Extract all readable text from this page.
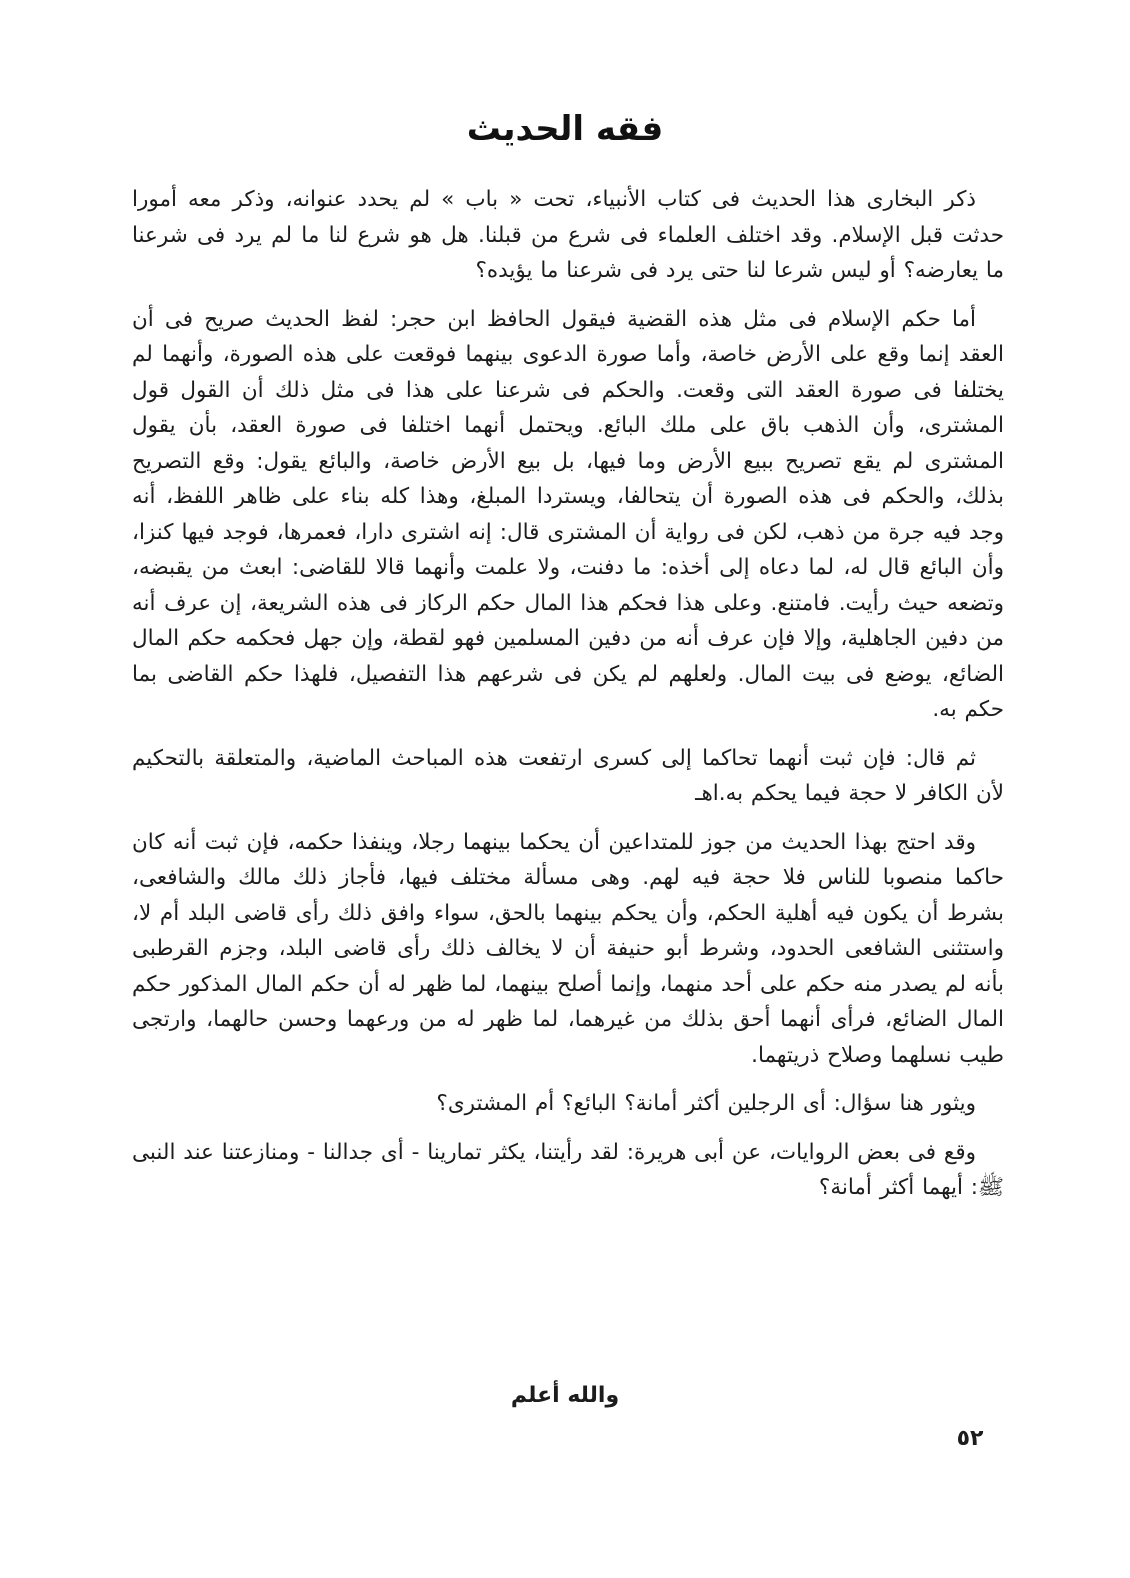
فقه الحديث

ذكر البخارى هذا الحديث فى كتاب الأنبياء، تحت « باب » لم يحدد عنوانه، وذكر معه أمورا حدثت قبل الإسلام. وقد اختلف العلماء فى شرع من قبلنا. هل هو شرع لنا ما لم يرد فى شرعنا ما يعارضه؟ أو ليس شرعا لنا حتى يرد فى شرعنا ما يؤيده؟

أما حكم الإسلام فى مثل هذه القضية فيقول الحافظ ابن حجر: لفظ الحديث صريح فى أن العقد إنما وقع على الأرض خاصة، وأما صورة الدعوى بينهما فوقعت على هذه الصورة، وأنهما لم يختلفا فى صورة العقد التى وقعت. والحكم فى شرعنا على هذا فى مثل ذلك أن القول قول المشترى، وأن الذهب باق على ملك البائع. ويحتمل أنهما اختلفا فى صورة العقد، بأن يقول المشترى لم يقع تصريح ببيع الأرض وما فيها، بل بيع الأرض خاصة، والبائع يقول: وقع التصريح بذلك، والحكم فى هذه الصورة أن يتحالفا، ويستردا المبلغ، وهذا كله بناء على ظاهر اللفظ، أنه وجد فيه جرة من ذهب، لكن فى رواية أن المشترى قال: إنه اشترى دارا، فعمرها، فوجد فيها كنزا، وأن البائع قال له، لما دعاه إلى أخذه: ما دفنت، ولا علمت وأنهما قالا للقاضى: ابعث من يقبضه، وتضعه حيث رأيت. فامتنع. وعلى هذا فحكم هذا المال حكم الركاز فى هذه الشريعة، إن عرف أنه من دفين الجاهلية، وإلا فإن عرف أنه من دفين المسلمين فهو لقطة، وإن جهل فحكمه حكم المال الضائع، يوضع فى بيت المال. ولعلهم لم يكن فى شرعهم هذا التفصيل، فلهذا حكم القاضى بما حكم به.

ثم قال: فإن ثبت أنهما تحاكما إلى كسرى ارتفعت هذه المباحث الماضية، والمتعلقة بالتحكيم لأن الكافر لا حجة فيما يحكم به.اهـ

وقد احتج بهذا الحديث من جوز للمتداعين أن يحكما بينهما رجلا، وينفذا حكمه، فإن ثبت أنه كان حاكما منصوبا للناس فلا حجة فيه لهم. وهى مسألة مختلف فيها، فأجاز ذلك مالك والشافعى، بشرط أن يكون فيه أهلية الحكم، وأن يحكم بينهما بالحق، سواء وافق ذلك رأى قاضى البلد أم لا، واستثنى الشافعى الحدود، وشرط أبو حنيفة أن لا يخالف ذلك رأى قاضى البلد، وجزم القرطبى بأنه لم يصدر منه حكم على أحد منهما، وإنما أصلح بينهما، لما ظهر له أن حكم المال المذكور حكم المال الضائع، فرأى أنهما أحق بذلك من غيرهما، لما ظهر له من ورعهما وحسن حالهما، وارتجى طيب نسلهما وصلاح ذريتهما.

ويثور هنا سؤال: أى الرجلين أكثر أمانة؟ البائع؟ أم المشترى؟

وقع فى بعض الروايات، عن أبى هريرة: لقد رأيتنا، يكثر تمارينا - أى جدالنا - ومنازعتنا عند النبى ﷺ: أيهما أكثر أمانة؟

والله أعلم

٥٢
